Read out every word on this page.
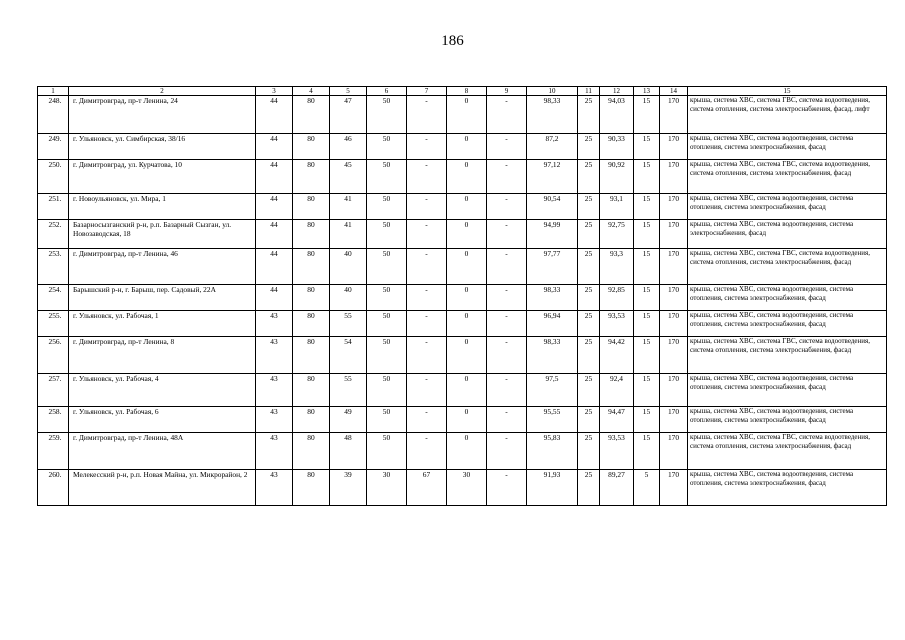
186
1	2	3	4	5	6	7	8	9	10	11	12	13	14	15
248.	г. Димитровград, пр-т Ленина, 24	44	80	47	50	-	0	-	98,33	25	94,03	15	170	крыша, система ХВС, система ГВС, система водоотведения, система отопления, система электроснабжения, фасад, лифт
249.	г. Ульяновск, ул. Симбирская, 38/16	44	80	46	50	-	0	-	87,2	25	90,33	15	170	крыша, система ХВС, система водоотведения, система отопления, система электроснабжения, фасад
250.	г. Димитровград, ул. Курчатова, 10	44	80	45	50	-	0	-	97,12	25	90,92	15	170	крыша, система ХВС, система ГВС, система водоотведения, система отопления, система электроснабжения, фасад
251.	г. Новоульяновск, ул. Мира, 1	44	80	41	50	-	0	-	90,54	25	93,1	15	170	крыша, система ХВС, система водоотведения, система отопления, система электроснабжения, фасад
252.	Базарносызганский р-н, р.п. Базарный Сызган, ул. Новозаводская, 18	44	80	41	50	-	0	-	94,99	25	92,75	15	170	крыша, система ХВС, система водоотведения, система электроснабжения, фасад
253.	г. Димитровград, пр-т Ленина, 46	44	80	40	50	-	0	-	97,77	25	93,3	15	170	крыша, система ХВС, система ГВС, система водоотведения, система отопления, система электроснабжения, фасад
254.	Барышский р-н, г. Барыш, пер. Садовый, 22А	44	80	40	50	-	0	-	98,33	25	92,85	15	170	крыша, система ХВС, система водоотведения, система отопления, система электроснабжения, фасад
255.	г. Ульяновск, ул. Рабочая, 1	43	80	55	50	-	0	-	96,94	25	93,53	15	170	крыша, система ХВС, система водоотведения, система отопления, система электроснабжения, фасад
256.	г. Димитровград, пр-т Ленина, 8	43	80	54	50	-	0	-	98,33	25	94,42	15	170	крыша, система ХВС, система ГВС, система водоотведения, система отопления, система электроснабжения, фасад
257.	г. Ульяновск, ул. Рабочая, 4	43	80	55	50	-	0	-	97,5	25	92,4	15	170	крыша, система ХВС, система водоотведения, система отопления, система электроснабжения, фасад
258.	г. Ульяновск, ул. Рабочая, 6	43	80	49	50	-	0	-	95,55	25	94,47	15	170	крыша, система ХВС, система водоотведения, система отопления, система электроснабжения, фасад
259.	г. Димитровград, пр-т Ленина, 48А	43	80	48	50	-	0	-	95,83	25	93,53	15	170	крыша, система ХВС, система ГВС, система водоотведения, система отопления, система электроснабжения, фасад
260.	Мелекесский р-н, р.п. Новая Майна, ул. Микрорайон, 2	43	80	39	30	67	30	-	91,93	25	89,27	5	170	крыша, система ХВС, система водоотведения, система отопления, система электроснабжения, фасад
